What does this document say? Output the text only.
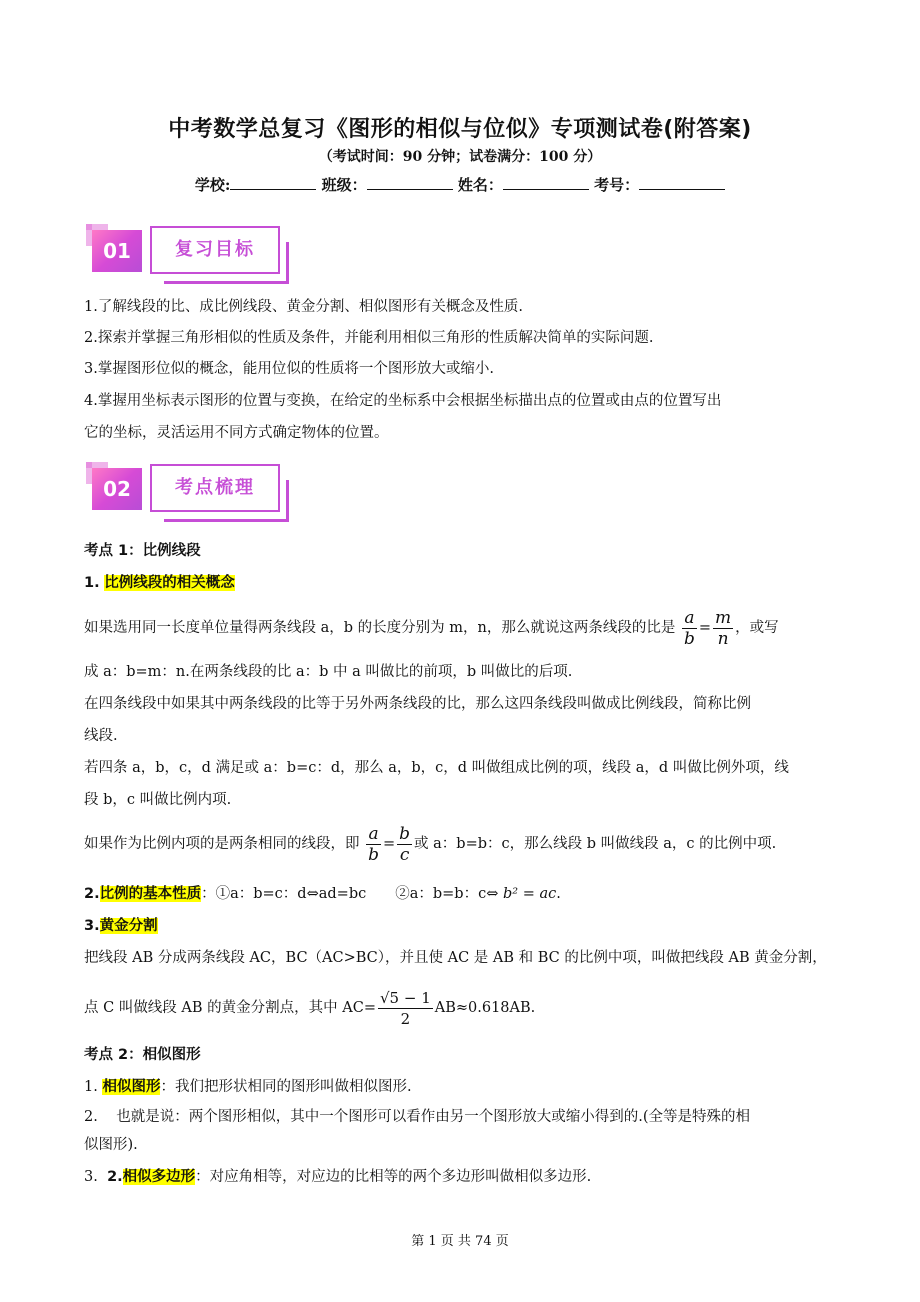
中考数学总复习《图形的相似与位似》专项测试卷(附答案)
（考试时间：90 分钟；试卷满分：100 分）
学校:	班级：	姓名：	考号：
01	复习目标
1.了解线段的比、成比例线段、黄金分割、相似图形有关概念及性质.
2.探索并掌握三角形相似的性质及条件，并能利用相似三角形的性质解决简单的实际问题.
3.掌握图形位似的概念，能用位似的性质将一个图形放大或缩小.
4.掌握用坐标表示图形的位置与变换，在给定的坐标系中会根据坐标描出点的位置或由点的位置写出
它的坐标，灵活运用不同方式确定物体的位置。
02	考点梳理
考点 1：比例线段
1. 比例线段的相关概念
如果选用同一长度单位量得两条线段 a，b 的长度分别为 m，n，那么就说这两条线段的比是 $\frac{a}{b} = \frac{m}{n}$ ，或写
成 a：b=m：n.在两条线段的比 a：b 中 a 叫做比的前项，b 叫做比的后项.
在四条线段中如果其中两条线段的比等于另外两条线段的比，那么这四条线段叫做成比例线段，简称比例
线段.
若四条 a，b，c，d 满足或 a：b=c：d，那么 a，b，c，d 叫做组成比例的项，线段 a，d 叫做比例外项，线
段 b，c 叫做比例内项.
如果作为比例内项的是两条相同的线段，即 $\frac{a}{b} = \frac{b}{c}$ 或 a：b=b：c，那么线段 b 叫做线段 a，c 的比例中项.
2.比例的基本性质：①a：b=c：d⇔ad=bc　　②a：b=b：c⇔ b² = ac.
3.黄金分割
把线段 AB 分成两条线段 AC，BC（AC>BC），并且使 AC 是 AB 和 BC 的比例中项，叫做把线段 AB 黄金分割，
点 C 叫做线段 AB 的黄金分割点，其中 $AC= \frac{√5 - 1}{2} AB\approx 0.618AB$.
考点 2：相似图形
1. 相似图形：我们把形状相同的图形叫做相似图形.
2. 也就是说：两个图形相似，其中一个图形可以看作由另一个图形放大或缩小得到的.(全等是特殊的相
似图形).
3. 2.相似多边形：对应角相等，对应边的比相等的两个多边形叫做相似多边形.
第 1 页 共 74 页
